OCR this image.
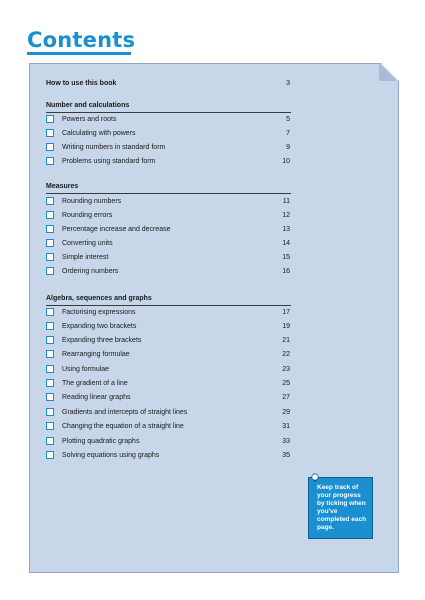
Contents
How to use this book	3
Number and calculations
Powers and roots	5
Calculating with powers	7
Writing numbers in standard form	9
Problems using standard form	10
Measures
Rounding numbers	11
Rounding errors	12
Percentage increase and decrease	13
Converting units	14
Simple interest	15
Ordering numbers	16
Algebra, sequences and graphs
Factorising expressions	17
Expanding two brackets	19
Expanding three brackets	21
Rearranging formulae	22
Using formulae	23
The gradient of a line	25
Reading linear graphs	27
Gradients and intercepts of straight lines	29
Changing the equation of a straight line	31
Plotting quadratic graphs	33
Solving equations using graphs	35
Keep track of your progress by ticking when you've completed each page.
